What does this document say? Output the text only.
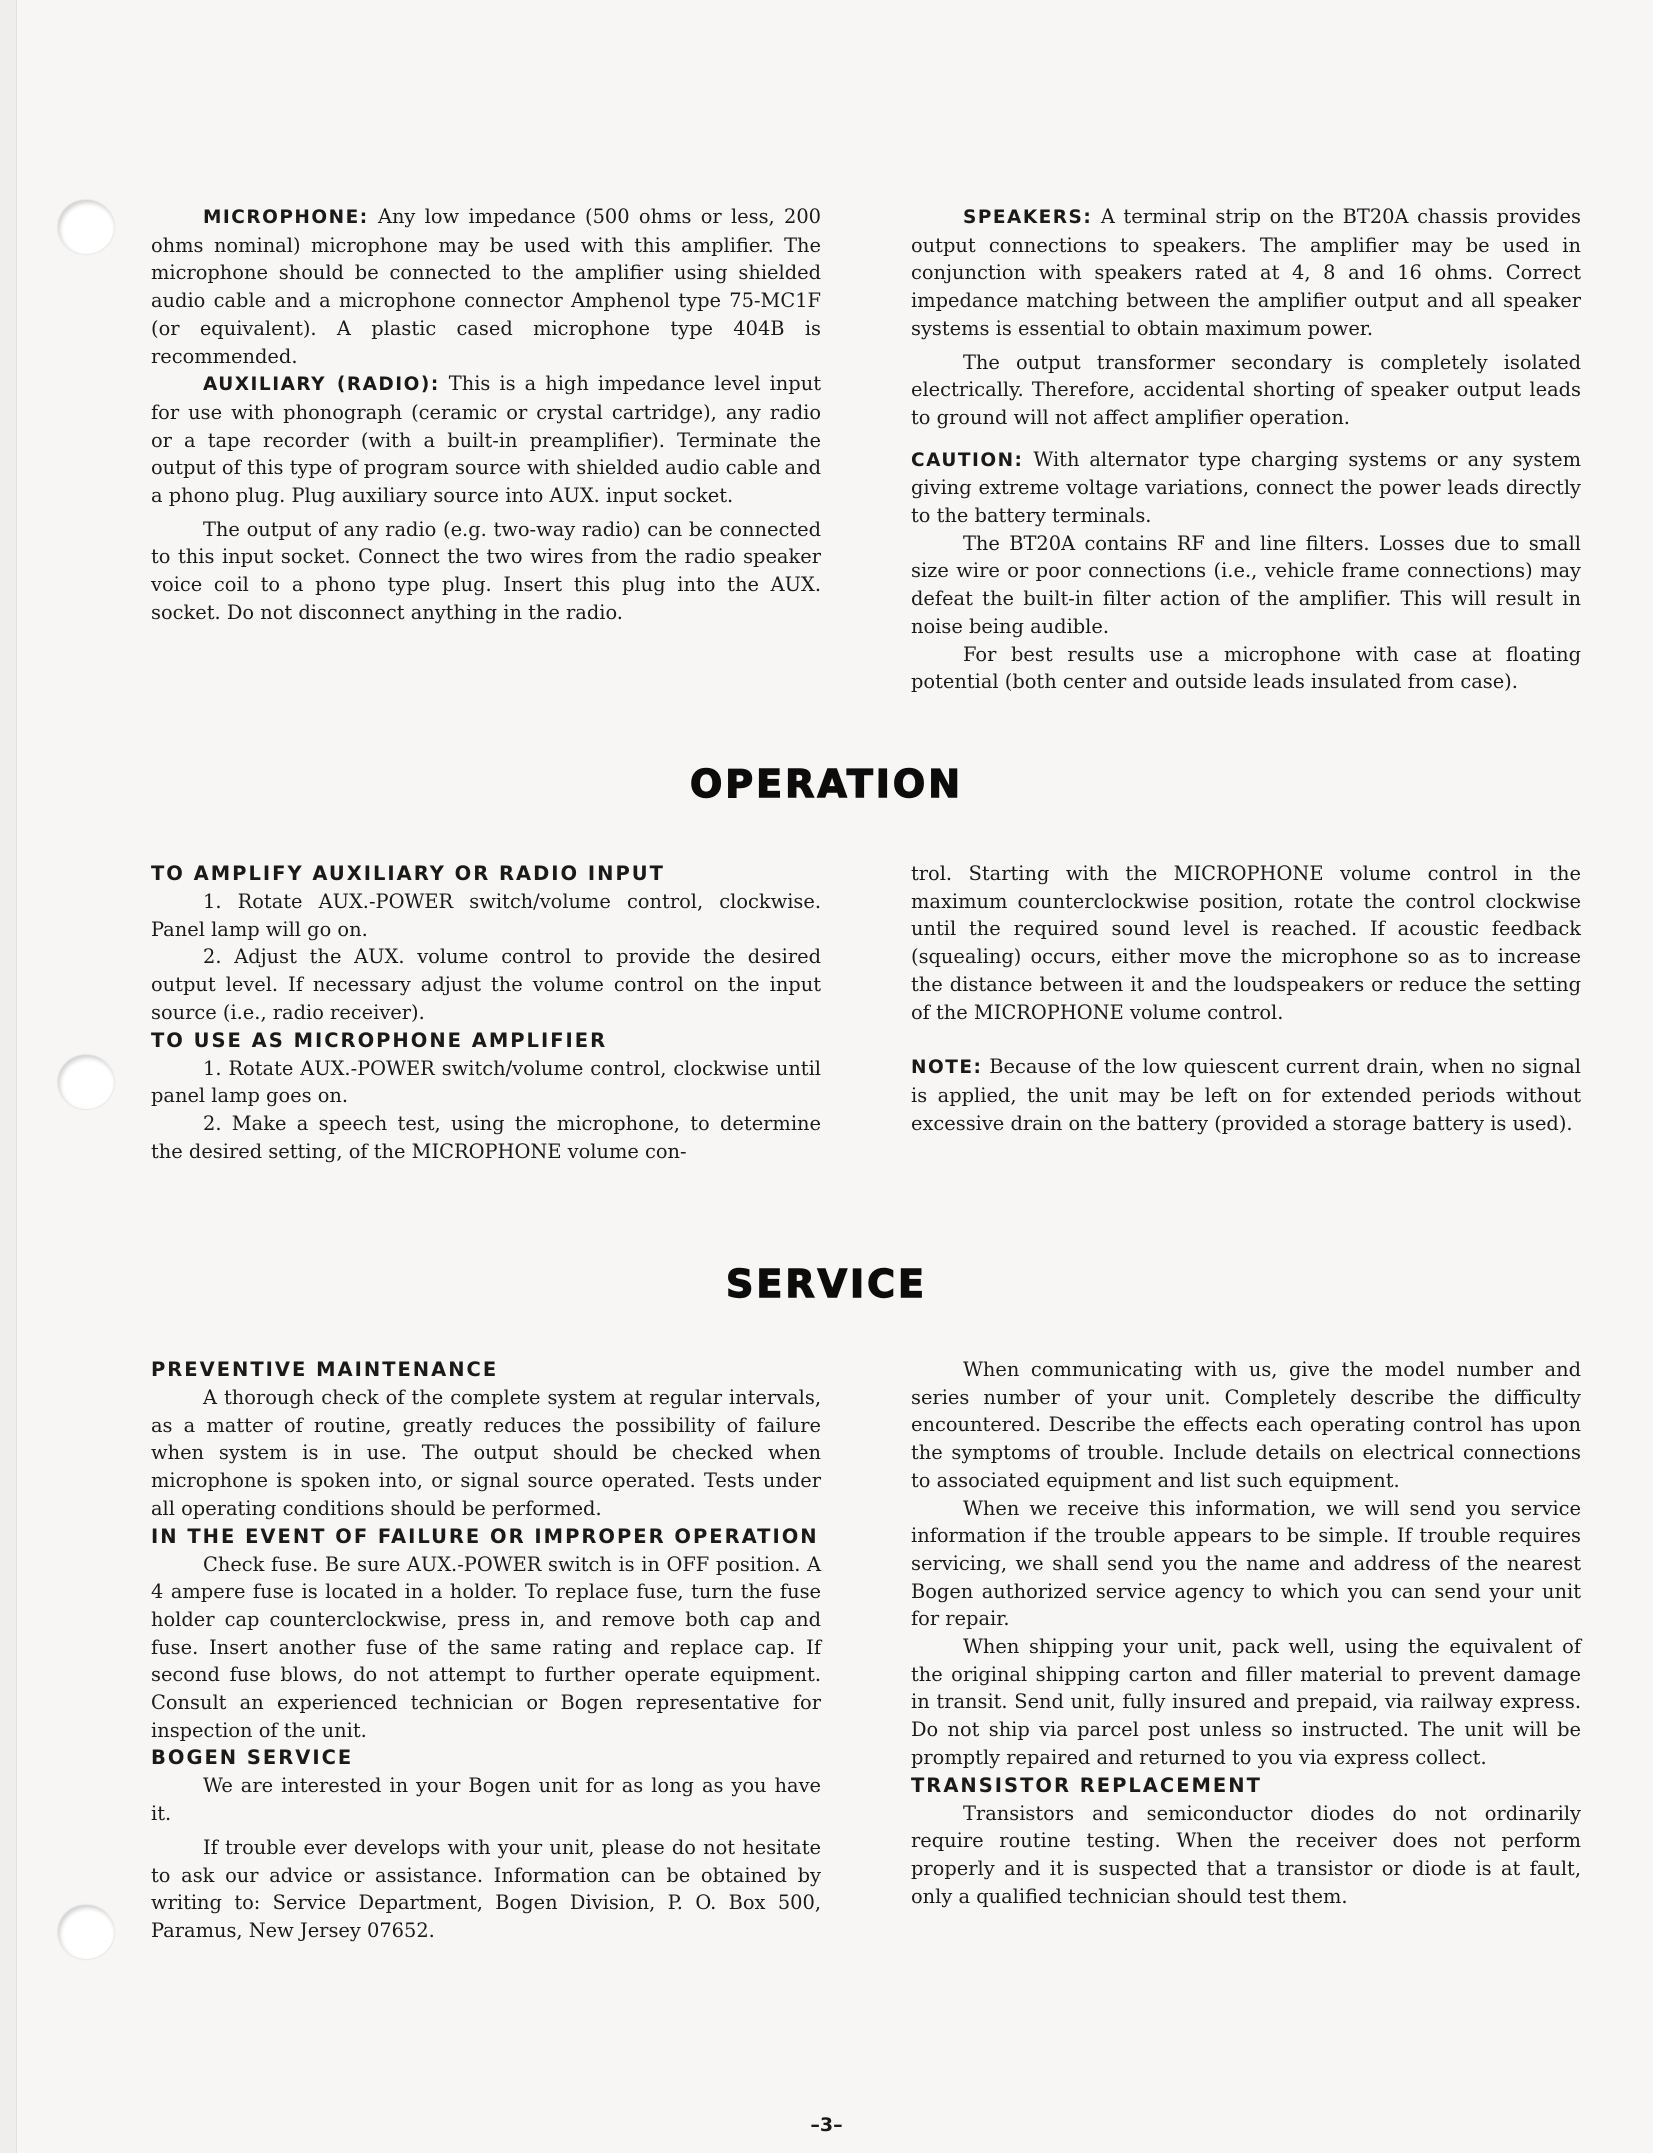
MICROPHONE: Any low impedance (500 ohms or less, 200 ohms nominal) microphone may be used with this amplifier. The microphone should be connected to the amplifier using shielded audio cable and a microphone connector Amphenol type 75-MC1F (or equivalent). A plastic cased microphone type 404B is recommended.

AUXILIARY (RADIO): This is a high impedance level input for use with phonograph (ceramic or crystal cartridge), any radio or a tape recorder (with a built-in preamplifier). Terminate the output of this type of program source with shielded audio cable and a phono plug. Plug auxiliary source into AUX. input socket.

The output of any radio (e.g. two-way radio) can be connected to this input socket. Connect the two wires from the radio speaker voice coil to a phono type plug. Insert this plug into the AUX. socket. Do not disconnect anything in the radio.

SPEAKERS: A terminal strip on the BT20A chassis provides output connections to speakers. The amplifier may be used in conjunction with speakers rated at 4, 8 and 16 ohms. Correct impedance matching between the amplifier output and all speaker systems is essential to obtain maximum power.

The output transformer secondary is completely isolated electrically. Therefore, accidental shorting of speaker output leads to ground will not affect amplifier operation.

CAUTION: With alternator type charging systems or any system giving extreme voltage variations, connect the power leads directly to the battery terminals.

The BT20A contains RF and line filters. Losses due to small size wire or poor connections (i.e., vehicle frame connections) may defeat the built-in filter action of the amplifier. This will result in noise being audible.

For best results use a microphone with case at floating potential (both center and outside leads insulated from case).

OPERATION
TO AMPLIFY AUXILIARY OR RADIO INPUT

1. Rotate AUX.-POWER switch/volume control, clockwise. Panel lamp will go on.

2. Adjust the AUX. volume control to provide the desired output level. If necessary adjust the volume control on the input source (i.e., radio receiver).

TO USE AS MICROPHONE AMPLIFIER

1. Rotate AUX.-POWER switch/volume control, clockwise until panel lamp goes on.

2. Make a speech test, using the microphone, to determine the desired setting, of the MICROPHONE volume con-

trol. Starting with the MICROPHONE volume control in the maximum counterclockwise position, rotate the control clockwise until the required sound level is reached. If acoustic feedback (squealing) occurs, either move the microphone so as to increase the distance between it and the loudspeakers or reduce the setting of the MICROPHONE volume control.

NOTE: Because of the low quiescent current drain, when no signal is applied, the unit may be left on for extended periods without excessive drain on the battery (provided a storage battery is used).

SERVICE
PREVENTIVE MAINTENANCE

A thorough check of the complete system at regular intervals, as a matter of routine, greatly reduces the possibility of failure when system is in use. The output should be checked when microphone is spoken into, or signal source operated. Tests under all operating conditions should be performed.

IN THE EVENT OF FAILURE OR IMPROPER OPERATION

Check fuse. Be sure AUX.-POWER switch is in OFF position. A 4 ampere fuse is located in a holder. To replace fuse, turn the fuse holder cap counterclockwise, press in, and remove both cap and fuse. Insert another fuse of the same rating and replace cap. If second fuse blows, do not attempt to further operate equipment. Consult an experienced technician or Bogen representative for inspection of the unit.

BOGEN SERVICE

We are interested in your Bogen unit for as long as you have it.

If trouble ever develops with your unit, please do not hesitate to ask our advice or assistance. Information can be obtained by writing to: Service Department, Bogen Division, P. O. Box 500, Paramus, New Jersey 07652.

When communicating with us, give the model number and series number of your unit. Completely describe the difficulty encountered. Describe the effects each operating control has upon the symptoms of trouble. Include details on electrical connections to associated equipment and list such equipment.

When we receive this information, we will send you service information if the trouble appears to be simple. If trouble requires servicing, we shall send you the name and address of the nearest Bogen authorized service agency to which you can send your unit for repair.

When shipping your unit, pack well, using the equivalent of the original shipping carton and filler material to prevent damage in transit. Send unit, fully insured and prepaid, via railway express. Do not ship via parcel post unless so instructed. The unit will be promptly repaired and returned to you via express collect.

TRANSISTOR REPLACEMENT

Transistors and semiconductor diodes do not ordinarily require routine testing. When the receiver does not perform properly and it is suspected that a transistor or diode is at fault, only a qualified technician should test them.

–3–
